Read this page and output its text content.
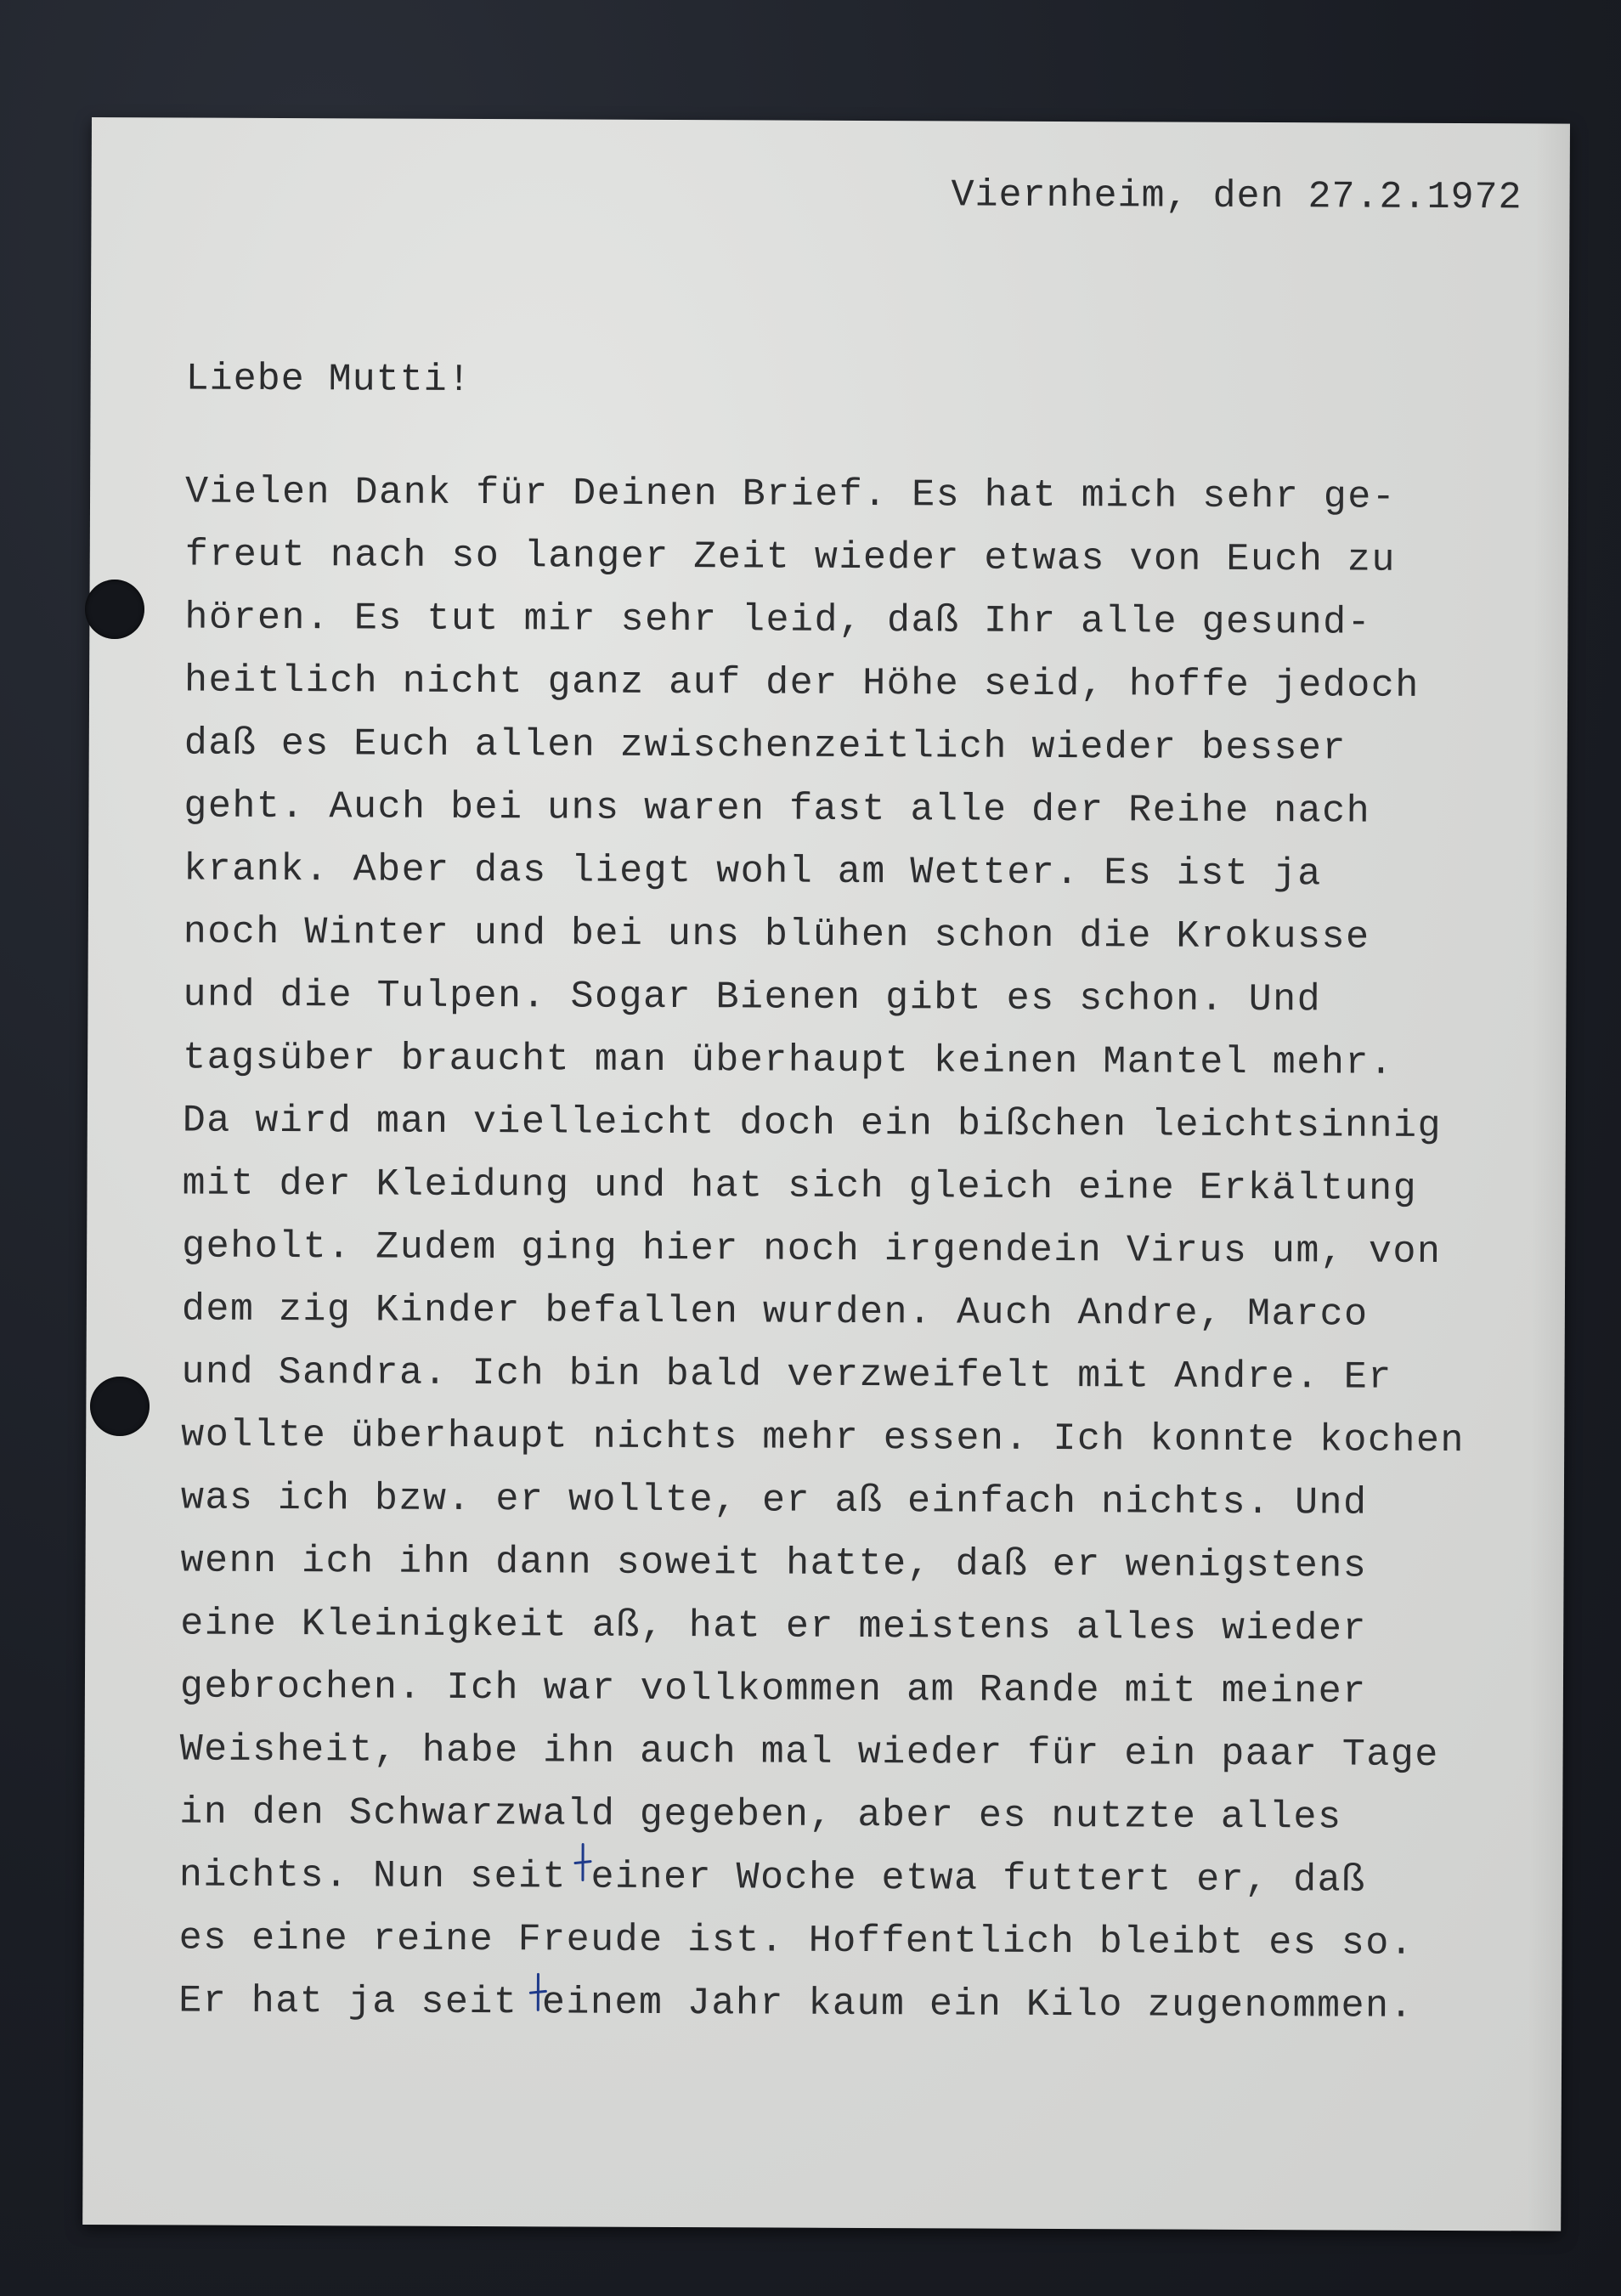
Viernheim, den 27.2.1972
Liebe Mutti!
Vielen Dank für Deinen Brief. Es hat mich sehr ge-
freut nach so langer Zeit wieder etwas von Euch zu
hören. Es tut mir sehr leid, daß Ihr alle gesund-
heitlich nicht ganz auf der Höhe seid, hoffe jedoch
daß es Euch allen zwischenzeitlich wieder besser
geht. Auch bei uns waren fast alle der Reihe nach
krank. Aber das liegt wohl am Wetter. Es ist ja
noch Winter und bei uns blühen schon die Krokusse
und die Tulpen. Sogar Bienen gibt es schon. Und
tagsüber braucht man überhaupt keinen Mantel mehr.
Da wird man vielleicht doch ein bißchen leichtsinnig
mit der Kleidung und hat sich gleich eine Erkältung
geholt. Zudem ging hier noch irgendein Virus um, von
dem zig Kinder befallen wurden. Auch Andre, Marco
und Sandra. Ich bin bald verzweifelt mit Andre. Er
wollte überhaupt nichts mehr essen. Ich konnte kochen
was ich bzw. er wollte, er aß einfach nichts. Und
wenn ich ihn dann soweit hatte, daß er wenigstens
eine Kleinigkeit aß, hat er meistens alles wieder
gebrochen. Ich war vollkommen am Rande mit meiner
Weisheit, habe ihn auch mal wieder für ein paar Tage
in den Schwarzwald gegeben, aber es nutzte alles
nichts. Nun seit einer Woche etwa futtert er, daß
es eine reine Freude ist. Hoffentlich bleibt es so.
Er hat ja seit einem Jahr kaum ein Kilo zugenommen.
